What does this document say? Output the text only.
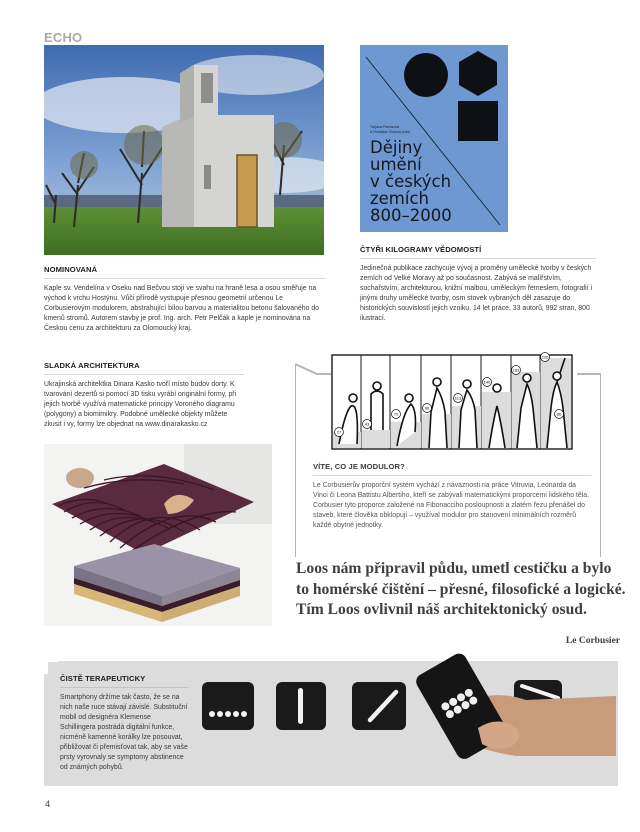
ECHO
Taťjana Petrasová
& Rostislav Švácha (eds)
Dějiny
umění
v českých
zemích
800–2000
ČTYŘI KILOGRAMY VĚDOMOSTÍ
Jedinečná publikace zachycuje vývoj a proměny umělecké tvorby v českých zemích od Velké Moravy až po současnost. Zabývá se malířstvím, sochařstvím, architekturou, knižní malbou, uměleckým řemeslem, fotografií i jinými druhy umělecké tvorby, osm stovek vybraných děl zasazuje do historických souvislostí jejich vzniku. 14 let práce, 33 autorů, 992 stran, 800 ilustrací.
NOMINOVANÁ
Kaple sv. Vendelína v Oseku nad Bečvou stojí ve svahu na hraně lesa a osou směřuje na východ k vrchu Hostýnu. Vůči přírodě vystupuje přesnou geometrií určenou Le Corbusierovým modulorem, abstrahující bílou barvou a materialitou betonu šalovaného do kmenů stromů. Autorem stavby je prof. Ing. arch. Petr Pelčák a kaple je nominována na Českou cenu za architekturu za Olomoucký kraj.
SLADKÁ ARCHITEKTURA
Ukrajinská architektka Dinara Kasko tvoří místo budov dorty. K tvarování dezertů si pomocí 3D tisku vyrábí originální formy, při jejich tvorbě využívá matematické principy Voroného diagramu (polygony) a biomimikry. Podobné umělecké objekty můžete zkusit i vy, formy lze objednat na www.dinarakasko.cz
27
43
70
86
113
140
183
226
86
VÍTE, CO JE MODULOR?
Le Corbusierův proporční systém vychází z návaznosti na práce Vitruvia, Leonarda da Vinci či Leona Battistu Albertiho, kteří se zabývali matematickými proporcemi lidského těla. Corbusier tyto proporce založené na Fibonacciho posloupnosti a zlatém řezu přenášel do staveb, které člověka obklopují – využíval modulor pro stanovení minimálních rozměrů každé obytné jednotky.
Loos nám připravil půdu, umetl cestičku a bylo to homérské čištění – přesné, filosofické a logické. Tím Loos ovlivnil náš architektonický osud.
Le Corbusier
ČISTĚ TERAPEUTICKY
Smartphony držíme tak často, že se na nich naše ruce stávají závislé. Substituční mobil od designéra Klemense Schillingera postrádá digitální funkce, nicméně kamenné korálky lze posouvat, přibližovat či přemisťovat tak, aby se vaše prsty vyrovnaly se symptomy abstinence od známých pohybů.
4
